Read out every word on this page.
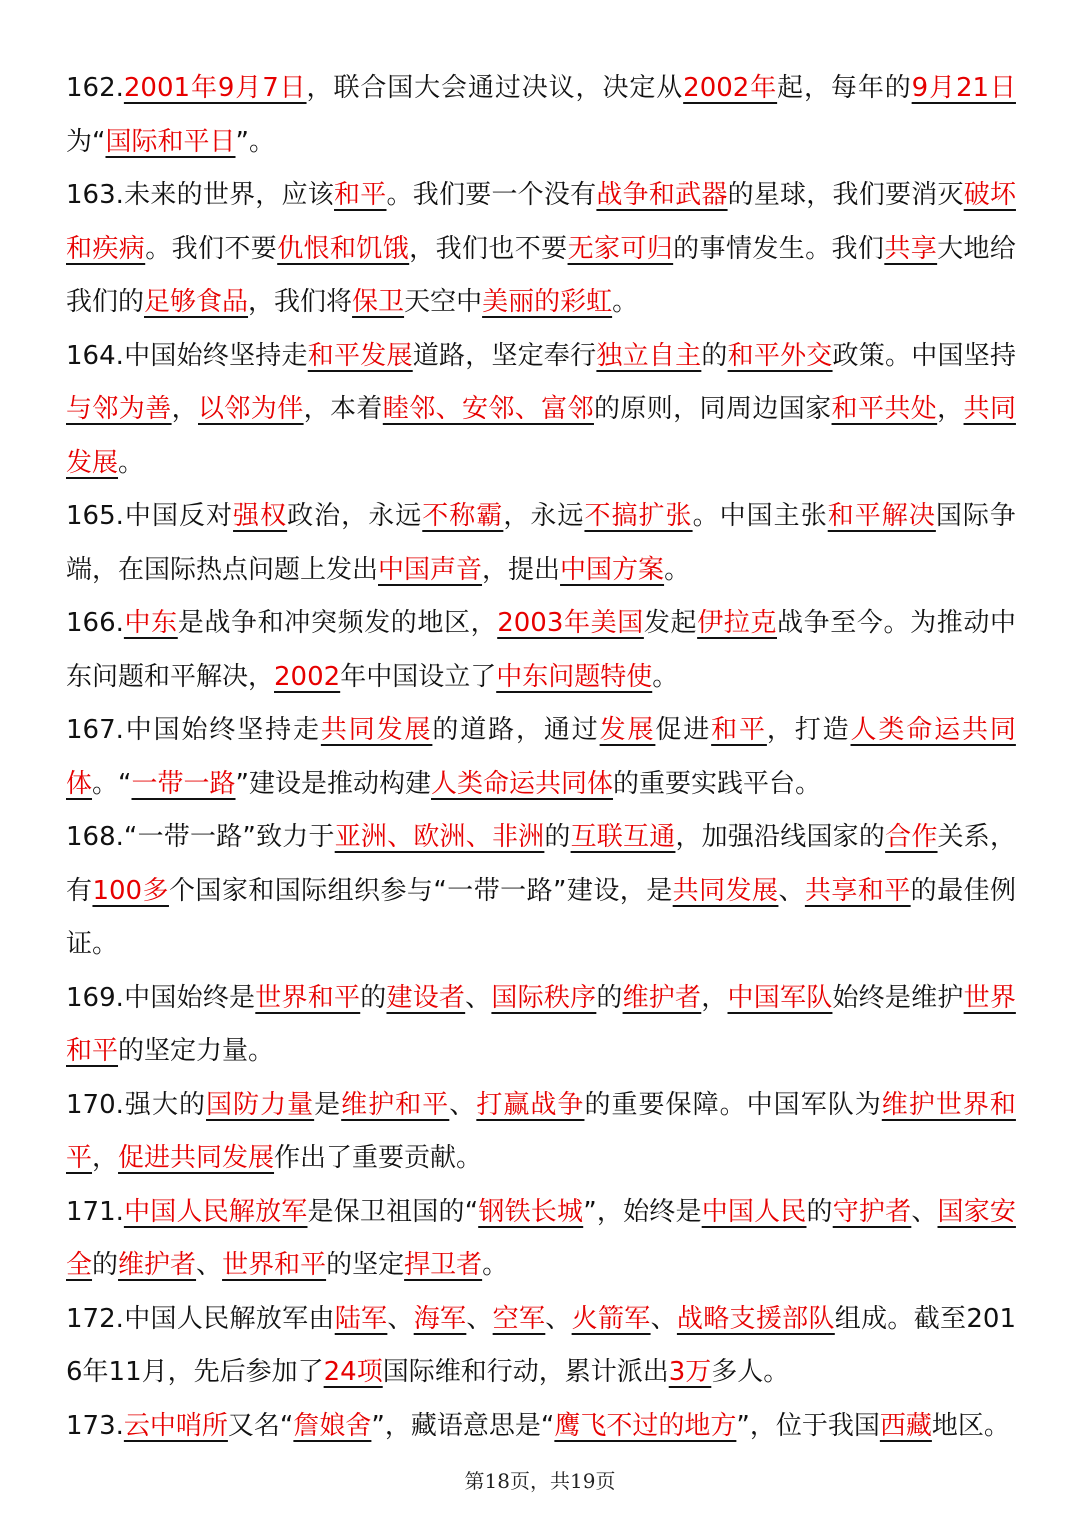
162.2001年9月7日，联合国大会通过决议，决定从2002年起，每年的9月21日为“国际和平日”。

163.未来的世界，应该和平。我们要一个没有战争和武器的星球，我们要消灭破坏和疾病。我们不要仇恨和饥饿，我们也不要无家可归的事情发生。我们共享大地给我们的足够食品，我们将保卫天空中美丽的彩虹。

164.中国始终坚持走和平发展道路，坚定奉行独立自主的和平外交政策。中国坚持与邻为善，以邻为伴，本着睦邻、安邻、富邻的原则，同周边国家和平共处，共同发展。

165.中国反对强权政治，永远不称霸，永远不搞扩张。中国主张和平解决国际争端，在国际热点问题上发出中国声音，提出中国方案。

166.中东是战争和冲突频发的地区，2003年美国发起伊拉克战争至今。为推动中东问题和平解决，2002年中国设立了中东问题特使。

167.中国始终坚持走共同发展的道路，通过发展促进和平，打造人类命运共同体。“一带一路”建设是推动构建人类命运共同体的重要实践平台。

168.“一带一路”致力于亚洲、欧洲、非洲的互联互通，加强沿线国家的合作关系，有100多个国家和国际组织参与“一带一路”建设，是共同发展、共享和平的最佳例证。

169.中国始终是世界和平的建设者、国际秩序的维护者，中国军队始终是维护世界和平的坚定力量。

170.强大的国防力量是维护和平、打赢战争的重要保障。中国军队为维护世界和平，促进共同发展作出了重要贡献。

171.中国人民解放军是保卫祖国的“钢铁长城”，始终是中国人民的守护者、国家安全的维护者、世界和平的坚定捍卫者。

172.中国人民解放军由陆军、海军、空军、火箭军、战略支援部队组成。截至2016年11月，先后参加了24项国际维和行动，累计派出3万多人。

173.云中哨所又名“詹娘舍”，藏语意思是“鹰飞不过的地方”，位于我国西藏地区。

第18页，共19页
